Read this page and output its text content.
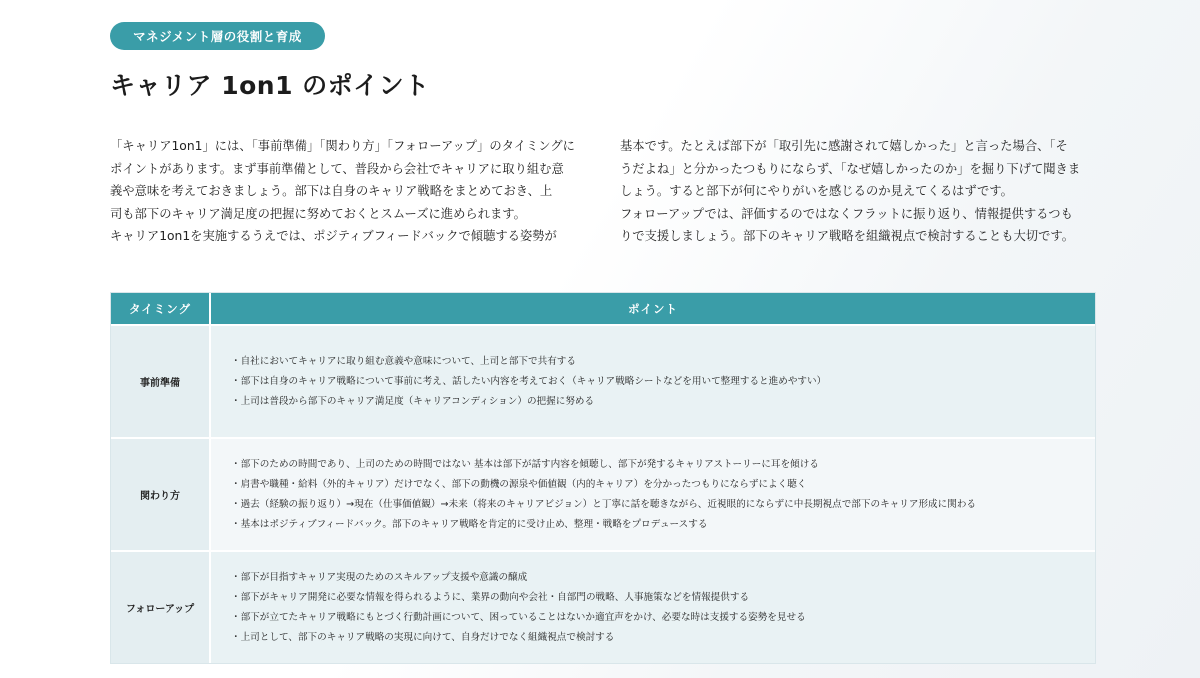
マネジメント層の役割と育成
キャリア 1on1 のポイント

「キャリア1on1」には、「事前準備」「関わり方」「フォローアップ」のタイミングに

ポイントがあります。まず事前準備として、普段から会社でキャリアに取り組む意

義や意味を考えておきましょう。部下は自身のキャリア戦略をまとめておき、上

司も部下のキャリア満足度の把握に努めておくとスムーズに進められます。

キャリア1on1を実施するうえでは、ポジティブフィードバックで傾聴する姿勢が

基本です。たとえば部下が「取引先に感謝されて嬉しかった」と言った場合、「そ

うだよね」と分かったつもりにならず、「なぜ嬉しかったのか」を掘り下げて聞きま

しょう。すると部下が何にやりがいを感じるのか見えてくるはずです。

フォローアップでは、評価するのではなくフラットに振り返り、情報提供するつも

りで支援しましょう。部下のキャリア戦略を組織視点で検討することも大切です。

タイミング	ポイント
事前準備
・ 自社においてキャリアに取り組む意義や意味について、上司と部下で共有する
・ 部下は自身のキャリア戦略について事前に考え、話したい内容を考えておく（キャリア戦略シートなどを用いて整理すると進めやすい）
・ 上司は普段から部下のキャリア満足度（キャリアコンディション）の把握に努める
関わり方
・ 部下のための時間であり、上司のための時間ではない 基本は部下が話す内容を傾聴し、部下が発するキャリアストーリーに耳を傾ける
・ 肩書や職種・給料（外的キャリア）だけでなく、部下の動機の源泉や価値観（内的キャリア）を分かったつもりにならずによく聴く
・ 過去（経験の振り返り）→現在（仕事価値観）→未来（将来のキャリアビジョン）と丁寧に話を聴きながら、近視眼的にならずに中長期視点で部下のキャリア形成に関わる
・ 基本はポジティブフィードバック。部下のキャリア戦略を肯定的に受け止め、整理・戦略をプロデュースする
フォローアップ
・ 部下が目指すキャリア実現のためのスキルアップ支援や意識の醸成
・ 部下がキャリア開発に必要な情報を得られるように、業界の動向や会社・自部門の戦略、人事施策などを情報提供する
・ 部下が立てたキャリア戦略にもとづく行動計画について、困っていることはないか適宜声をかけ、必要な時は支援する姿勢を見せる
・ 上司として、部下のキャリア戦略の実現に向けて、自身だけでなく組織視点で検討する
